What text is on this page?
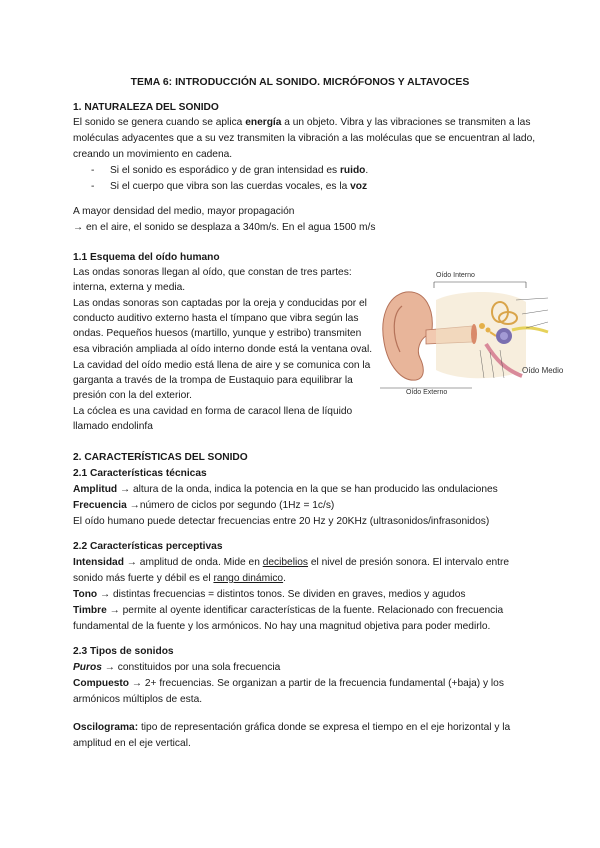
TEMA 6: INTRODUCCIÓN AL SONIDO. MICRÓFONOS Y ALTAVOCES
1. NATURALEZA DEL SONIDO
El sonido se genera cuando se aplica energía a un objeto. Vibra y las vibraciones se transmiten a las
moléculas adyacentes que a su vez transmiten la vibración a las moléculas que se encuentran al lado,
creando un movimiento en cadena.
- Si el sonido es esporádico y de gran intensidad es ruido.
- Si el cuerpo que vibra son las cuerdas vocales, es la voz
A mayor densidad del medio, mayor propagación
→ en el aire, el sonido se desplaza a 340m/s. En el agua 1500 m/s
1.1 Esquema del oído humano
Las ondas sonoras llegan al oído, que constan de tres partes:
interna, externa y media.
Las ondas sonoras son captadas por la oreja y conducidas por el
conducto auditivo externo hasta el tímpano que vibra según las
ondas. Pequeños huesos (martillo, yunque y estribo) transmiten
esa vibración ampliada al oído interno donde está la ventana oval.
La cavidad del oído medio está llena de aire y se comunica con la
garganta a través de la trompa de Eustaquio para equilibrar la
presión con la del exterior.
La cóclea es una cavidad en forma de caracol llena de líquido
llamado endolinfa
Oído Interno
Oído Medio
Oído Externo
2. CARACTERÍSTICAS DEL SONIDO
2.1 Características técnicas
Amplitud → altura de la onda, indica la potencia en la que se han producido las ondulaciones
Frecuencia →número de ciclos por segundo (1Hz = 1c/s)
El oído humano puede detectar frecuencias entre 20 Hz y 20KHz (ultrasonidos/infrasonidos)
2.2 Características perceptivas
Intensidad → amplitud de onda. Mide en decibelios el nivel de presión sonora. El intervalo entre
sonido más fuerte y débil es el rango dinámico.
Tono → distintas frecuencias = distintos tonos. Se dividen en graves, medios y agudos
Timbre → permite al oyente identificar características de la fuente. Relacionado con frecuencia
fundamental de la fuente y los armónicos. No hay una magnitud objetiva para poder medirlo.
2.3 Tipos de sonidos
Puros → constituidos por una sola frecuencia
Compuesto → 2+ frecuencias. Se organizan a partir de la frecuencia fundamental (+baja) y los
armónicos múltiplos de esta.
Oscilograma: tipo de representación gráfica donde se expresa el tiempo en el eje horizontal y la
amplitud en el eje vertical.
